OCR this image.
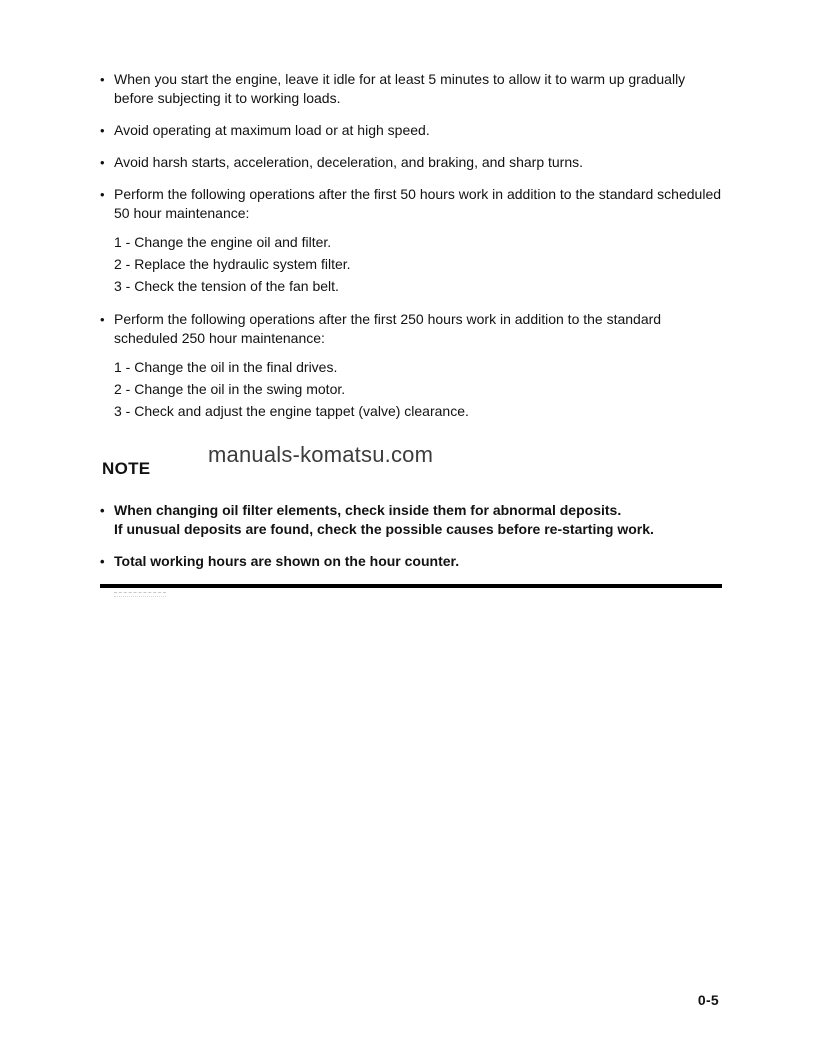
• When you start the engine, leave it idle for at least 5 minutes to allow it to warm up gradually before subjecting it to working loads.
• Avoid operating at maximum load or at high speed.
• Avoid harsh starts, acceleration, deceleration, and braking, and sharp turns.
• Perform the following operations after the first 50 hours work in addition to the standard scheduled 50 hour maintenance:
1 - Change the engine oil and filter.
2 - Replace the hydraulic system filter.
3 - Check the tension of the fan belt.
• Perform the following operations after the first 250 hours work in addition to the standard scheduled 250 hour maintenance:
1 - Change the oil in the final drives.
2 - Change the oil in the swing motor.
3 - Check and adjust the engine tappet (valve) clearance.
NOTE
manuals-komatsu.com
• When changing oil filter elements, check inside them for abnormal deposits.
If unusual deposits are found, check the possible causes before re-starting work.
• Total working hours are shown on the hour counter.
0-5
